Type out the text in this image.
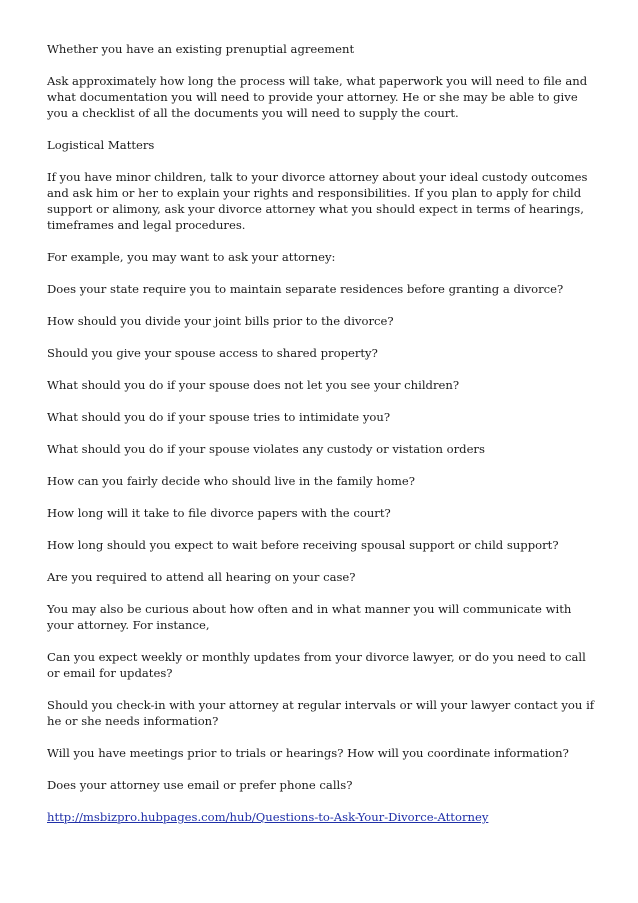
Whether you have an existing prenuptial agreement

Ask approximately how long the process will take, what paperwork you will need to file and what documentation you will need to provide your attorney. He or she may be able to give you a checklist of all the documents you will need to supply the court.

Logistical Matters

If you have minor children, talk to your divorce attorney about your ideal custody outcomes and ask him or her to explain your rights and responsibilities. If you plan to apply for child support or alimony, ask your divorce attorney what you should expect in terms of hearings, timeframes and legal procedures.

For example, you may want to ask your attorney:

Does your state require you to maintain separate residences before granting a divorce?

How should you divide your joint bills prior to the divorce?

Should you give your spouse access to shared property?

What should you do if your spouse does not let you see your children?

What should you do if your spouse tries to intimidate you?

What should you do if your spouse violates any custody or vistation orders

How can you fairly decide who should live in the family home?

How long will it take to file divorce papers with the court?

How long should you expect to wait before receiving spousal support or child support?

Are you required to attend all hearing on your case?

You may also be curious about how often and in what manner you will communicate with your attorney. For instance,

Can you expect weekly or monthly updates from your divorce lawyer, or do you need to call or email for updates?

Should you check-in with your attorney at regular intervals or will your lawyer contact you if he or she needs information?

Will you have meetings prior to trials or hearings? How will you coordinate information?

Does your attorney use email or prefer phone calls?

http://msbizpro.hubpages.com/hub/Questions-to-Ask-Your-Divorce-Attorney
